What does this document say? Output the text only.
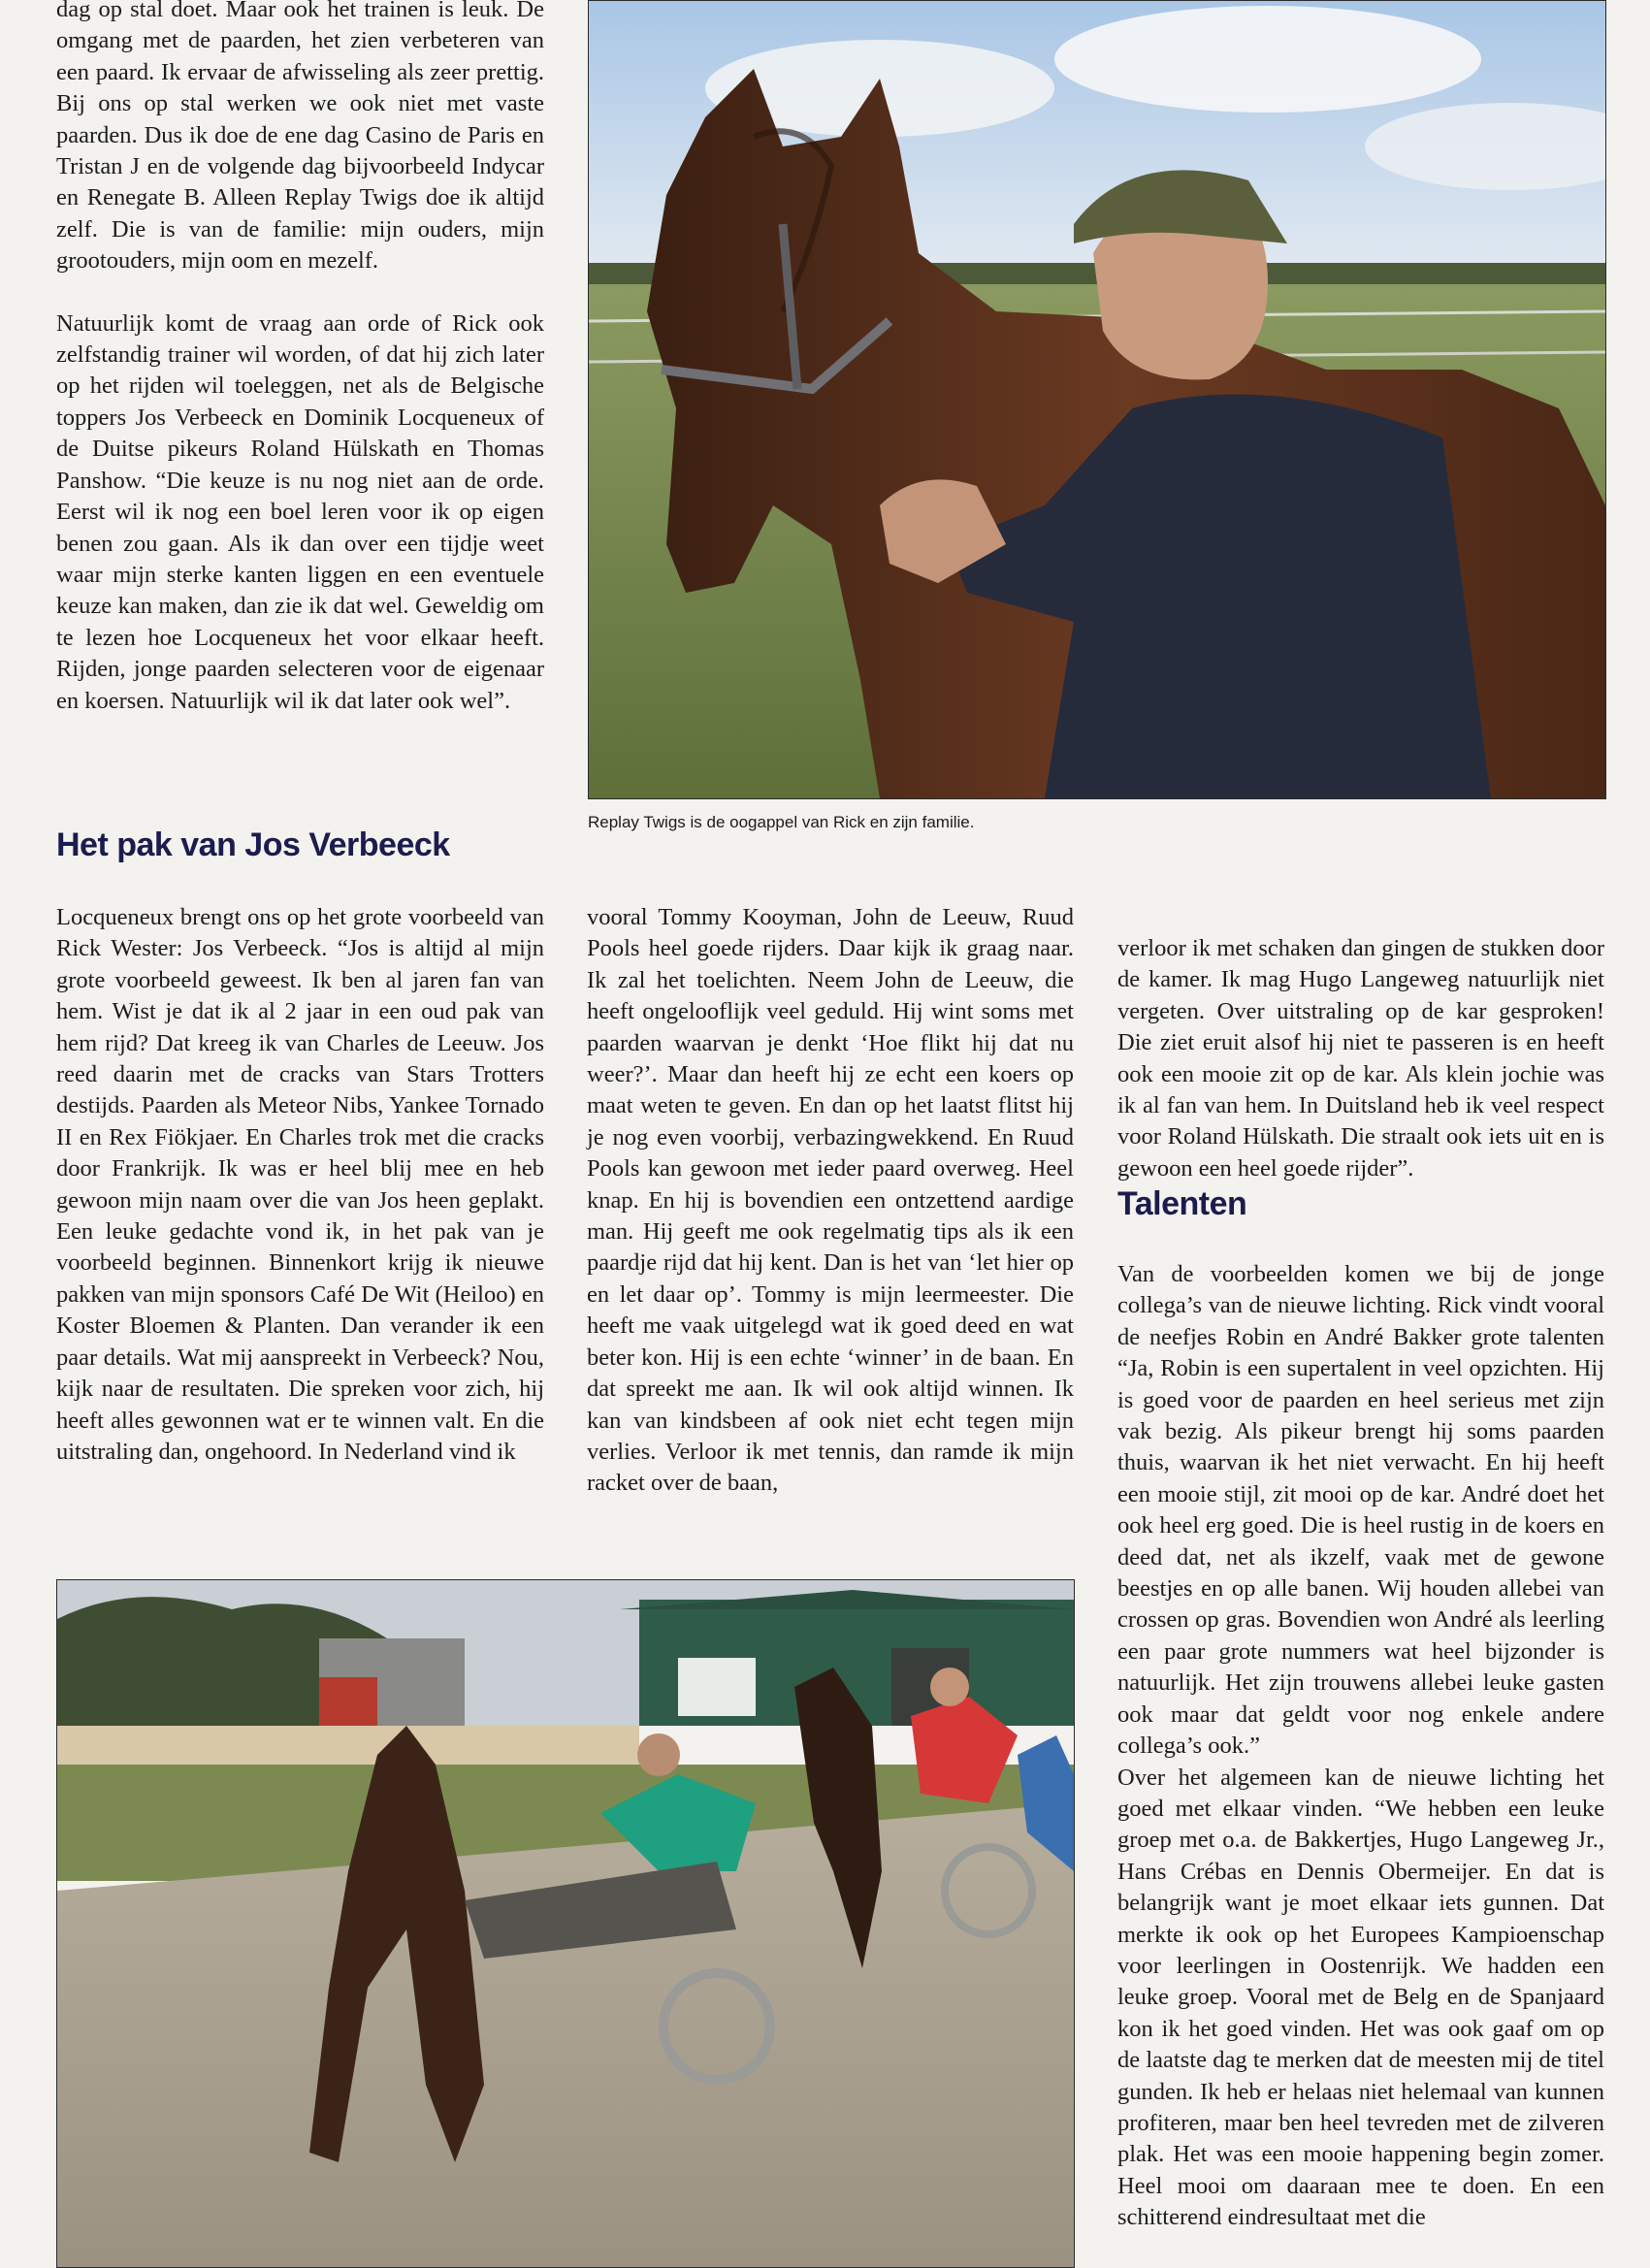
dag op stal doet. Maar ook het trainen is leuk. De omgang met de paarden, het zien verbeteren van een paard. Ik ervaar de afwisseling als zeer prettig. Bij ons op stal werken we ook niet met vaste paarden. Dus ik doe de ene dag Casino de Paris en Tristan J en de volgende dag bijvoorbeeld Indycar en Renegate B. Alleen Replay Twigs doe ik altijd zelf. Die is van de familie: mijn ouders, mijn grootouders, mijn oom en mezelf.

Natuurlijk komt de vraag aan orde of Rick ook zelfstandig trainer wil worden, of dat hij zich later op het rijden wil toeleggen, net als de Belgische toppers Jos Verbeeck en Dominik Locqueneux of de Duitse pikeurs Roland Hülskath en Thomas Panshow. “Die keuze is nu nog niet aan de orde. Eerst wil ik nog een boel leren voor ik op eigen benen zou gaan. Als ik dan over een tijdje weet waar mijn sterke kanten liggen en een eventuele keuze kan maken, dan zie ik dat wel. Geweldig om te lezen hoe Locqueneux het voor elkaar heeft. Rijden, jonge paarden selecteren voor de eigenaar en koersen. Natuurlijk wil ik dat later ook wel”.

Replay Twigs is de oogappel van Rick en zijn familie.
Het pak van Jos Verbeeck

Locqueneux brengt ons op het grote voorbeeld van Rick Wester: Jos Verbeeck. “Jos is altijd al mijn grote voorbeeld geweest. Ik ben al jaren fan van hem. Wist je dat ik al 2 jaar in een oud pak van hem rijd? Dat kreeg ik van Charles de Leeuw. Jos reed daarin met de cracks van Stars Trotters destijds. Paarden als Meteor Nibs, Yankee Tornado II en Rex Fiökjaer. En Charles trok met die cracks door Frankrijk. Ik was er heel blij mee en heb gewoon mijn naam over die van Jos heen geplakt. Een leuke gedachte vond ik, in het pak van je voorbeeld beginnen. Binnenkort krijg ik nieuwe pakken van mijn sponsors Café De Wit (Heiloo) en Koster Bloemen & Planten. Dan verander ik een paar details. Wat mij aanspreekt in Verbeeck? Nou, kijk naar de resultaten. Die spreken voor zich, hij heeft alles gewonnen wat er te winnen valt. En die uitstraling dan, ongehoord. In Nederland vind ik

vooral Tommy Kooyman, John de Leeuw, Ruud Pools heel goede rijders. Daar kijk ik graag naar. Ik zal het toelichten. Neem John de Leeuw, die heeft ongelooflijk veel geduld. Hij wint soms met paarden waarvan je denkt ‘Hoe flikt hij dat nu weer?’. Maar dan heeft hij ze echt een koers op maat weten te geven. En dan op het laatst flitst hij je nog even voorbij, verbazingwekkend. En Ruud Pools kan gewoon met ieder paard overweg. Heel knap. En hij is bovendien een ontzettend aardige man. Hij geeft me ook regelmatig tips als ik een paardje rijd dat hij kent. Dan is het van ‘let hier op en let daar op’. Tommy is mijn leermeester. Die heeft me vaak uitgelegd wat ik goed deed en wat beter kon. Hij is een echte ‘winner’ in de baan. En dat spreekt me aan. Ik wil ook altijd winnen. Ik kan van kindsbeen af ook niet echt tegen mijn verlies. Verloor ik met tennis, dan ramde ik mijn racket over de baan,

verloor ik met schaken dan gingen de stukken door de kamer. Ik mag Hugo Langeweg natuurlijk niet vergeten. Over uitstraling op de kar gesproken! Die ziet eruit alsof hij niet te passeren is en heeft ook een mooie zit op de kar. Als klein jochie was ik al fan van hem. In Duitsland heb ik veel respect voor Roland Hülskath. Die straalt ook iets uit en is gewoon een heel goede rijder”.

Talenten

Van de voorbeelden komen we bij de jonge collega’s van de nieuwe lichting. Rick vindt vooral de neefjes Robin en André Bakker grote talenten “Ja, Robin is een supertalent in veel opzichten. Hij is goed voor de paarden en heel serieus met zijn vak bezig. Als pikeur brengt hij soms paarden thuis, waarvan ik het niet verwacht. En hij heeft een mooie stijl, zit mooi op de kar. André doet het ook heel erg goed. Die is heel rustig in de koers en deed dat, net als ikzelf, vaak met de gewone beestjes en op alle banen. Wij houden allebei van crossen op gras. Bovendien won André als leerling een paar grote nummers wat heel bijzonder is natuurlijk. Het zijn trouwens allebei leuke gasten ook maar dat geldt voor nog enkele andere collega’s ook.”

Over het algemeen kan de nieuwe lichting het goed met elkaar vinden. “We hebben een leuke groep met o.a. de Bakkertjes, Hugo Langeweg Jr., Hans Crébas en Dennis Obermeijer. En dat is belangrijk want je moet elkaar iets gunnen. Dat merkte ik ook op het Europees Kampioenschap voor leerlingen in Oostenrijk. We hadden een leuke groep. Vooral met de Belg en de Spanjaard kon ik het goed vinden. Het was ook gaaf om op de laatste dag te merken dat de meesten mij de titel gunden. Ik heb er helaas niet helemaal van kunnen profiteren, maar ben heel tevreden met de zilveren plak. Het was een mooie happening begin zomer. Heel mooi om daaraan mee te doen. En een schitterend eindresultaat met die
